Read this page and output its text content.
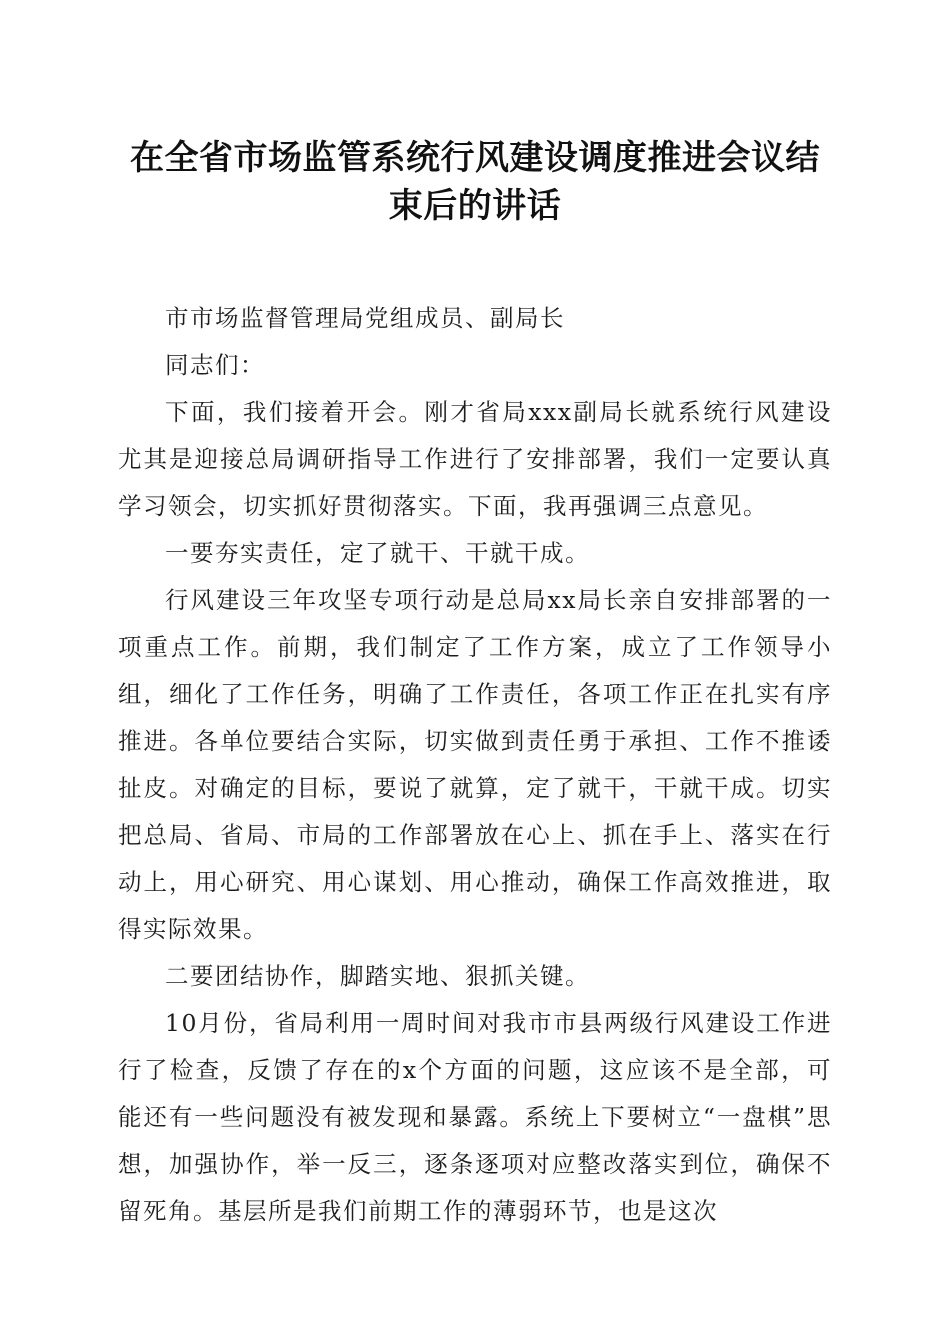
在全省市场监管系统行风建设调度推进会议结
束后的讲话

市市场监督管理局党组成员、副局长

同志们：

下面，我们接着开会。刚才省局xxx副局长就系统行风建设尤其是迎接总局调研指导工作进行了安排部署，我们一定要认真学习领会，切实抓好贯彻落实。下面，我再强调三点意见。

一要夯实责任，定了就干、干就干成。

行风建设三年攻坚专项行动是总局xx局长亲自安排部署的一项重点工作。前期，我们制定了工作方案，成立了工作领导小组，细化了工作任务，明确了工作责任，各项工作正在扎实有序推进。各单位要结合实际，切实做到责任勇于承担、工作不推诿扯皮。对确定的目标，要说了就算，定了就干，干就干成。切实把总局、省局、市局的工作部署放在心上、抓在手上、落实在行动上，用心研究、用心谋划、用心推动，确保工作高效推进，取得实际效果。

二要团结协作，脚踏实地、狠抓关键。

10月份，省局利用一周时间对我市市县两级行风建设工作进行了检查，反馈了存在的x个方面的问题，这应该不是全部，可能还有一些问题没有被发现和暴露。系统上下要树立“一盘棋”思想，加强协作，举一反三，逐条逐项对应整改落实到位，确保不留死角。基层所是我们前期工作的薄弱环节，也是这次
